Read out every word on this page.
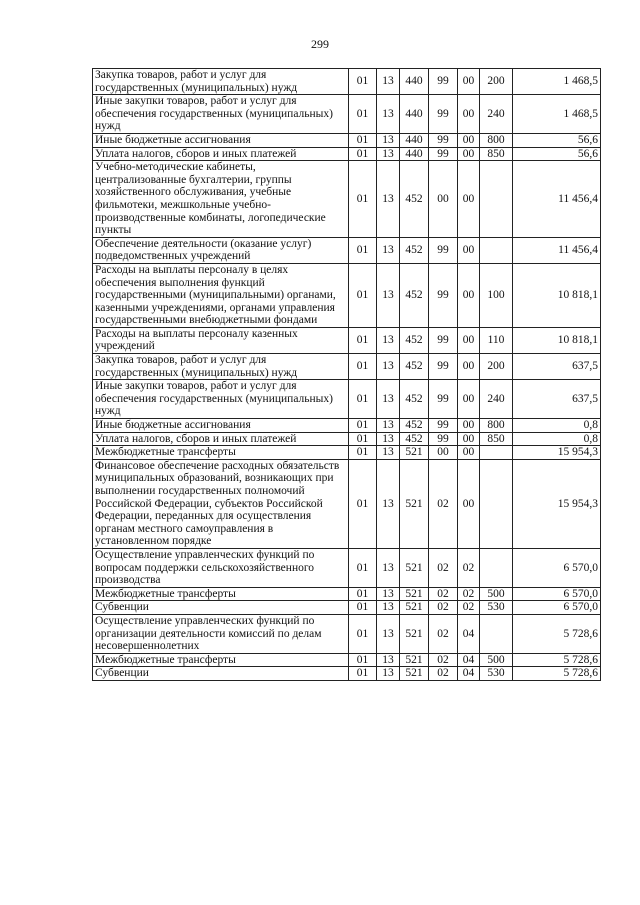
299
Закупка товаров, работ и услуг для государственных (муниципальных) нужд	01	13	440	99	00	200	1 468,5
Иные закупки товаров, работ и услуг для обеспечения государственных (муниципальных) нужд	01	13	440	99	00	240	1 468,5
Иные бюджетные ассигнования	01	13	440	99	00	800	56,6
Уплата налогов, сборов и иных платежей	01	13	440	99	00	850	56,6
Учебно-методические кабинеты, централизованные бухгалтерии, группы хозяйственного обслуживания, учебные фильмотеки, межшкольные учебно-производственные комбинаты, логопедические пункты	01	13	452	00	00		11 456,4
Обеспечение деятельности (оказание услуг) подведомственных учреждений	01	13	452	99	00		11 456,4
Расходы на выплаты персоналу в целях обеспечения выполнения функций государственными (муниципальными) органами, казенными учреждениями, органами управления государственными внебюджетными фондами	01	13	452	99	00	100	10 818,1
Расходы на выплаты персоналу казенных учреждений	01	13	452	99	00	110	10 818,1
Закупка товаров, работ и услуг для государственных (муниципальных) нужд	01	13	452	99	00	200	637,5
Иные закупки товаров, работ и услуг для обеспечения государственных (муниципальных) нужд	01	13	452	99	00	240	637,5
Иные бюджетные ассигнования	01	13	452	99	00	800	0,8
Уплата налогов, сборов и иных платежей	01	13	452	99	00	850	0,8
Межбюджетные трансферты	01	13	521	00	00		15 954,3
Финансовое обеспечение расходных обязательств муниципальных образований, возникающих при выполнении государственных полномочий Российской Федерации, субъектов Российской Федерации, переданных для осуществления органам местного самоуправления в установленном порядке	01	13	521	02	00		15 954,3
Осуществление управленческих функций по вопросам поддержки сельскохозяйственного производства	01	13	521	02	02		6 570,0
Межбюджетные трансферты	01	13	521	02	02	500	6 570,0
Субвенции	01	13	521	02	02	530	6 570,0
Осуществление управленческих функций по организации деятельности комиссий по делам несовершеннолетних	01	13	521	02	04		5 728,6
Межбюджетные трансферты	01	13	521	02	04	500	5 728,6
Субвенции	01	13	521	02	04	530	5 728,6
